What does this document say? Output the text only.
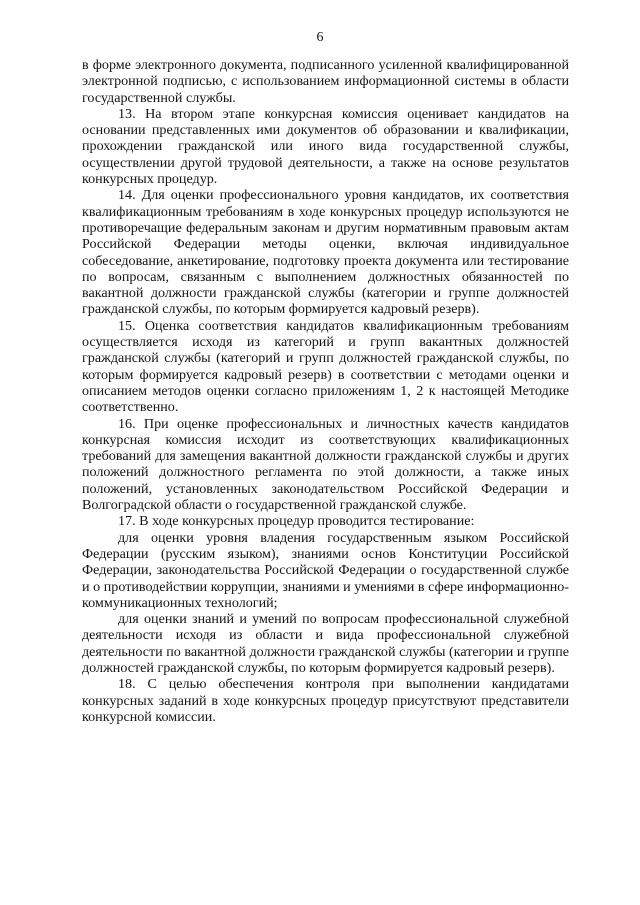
6

в форме электронного документа, подписанного усиленной квалифицированной электронной подписью, с использованием информационной системы в области государственной службы.

13. На втором этапе конкурсная комиссия оценивает кандидатов на основании представленных ими документов об образовании и квалификации, прохождении гражданской или иного вида государственной службы, осуществлении другой трудовой деятельности, а также на основе результатов конкурсных процедур.

14. Для оценки профессионального уровня кандидатов, их соответствия квалификационным требованиям в ходе конкурсных процедур используются не противоречащие федеральным законам и другим нормативным правовым актам Российской Федерации методы оценки, включая индивидуальное собеседование, анкетирование, подготовку проекта документа или тестирование по вопросам, связанным с выполнением должностных обязанностей по вакантной должности гражданской службы (категории и группе должностей гражданской службы, по которым формируется кадровый резерв).

15. Оценка соответствия кандидатов квалификационным требованиям осуществляется исходя из категорий и групп вакантных должностей гражданской службы (категорий и групп должностей гражданской службы, по которым формируется кадровый резерв) в соответствии с методами оценки и описанием методов оценки согласно приложениям 1, 2 к настоящей Методике соответственно.

16. При оценке профессиональных и личностных качеств кандидатов конкурсная комиссия исходит из соответствующих квалификационных требований для замещения вакантной должности гражданской службы и других положений должностного регламента по этой должности, а также иных положений, установленных законодательством Российской Федерации и Волгоградской области о государственной гражданской службе.

17. В ходе конкурсных процедур проводится тестирование:

для оценки уровня владения государственным языком Российской Федерации (русским языком), знаниями основ Конституции Российской Федерации, законодательства Российской Федерации о государственной службе и о противодействии коррупции, знаниями и умениями в сфере информационно-коммуникационных технологий;

для оценки знаний и умений по вопросам профессиональной служебной деятельности исходя из области и вида профессиональной служебной деятельности по вакантной должности гражданской службы (категории и группе должностей гражданской службы, по которым формируется кадровый резерв).

18. С целью обеспечения контроля при выполнении кандидатами конкурсных заданий в ходе конкурсных процедур присутствуют представители конкурсной комиссии.
